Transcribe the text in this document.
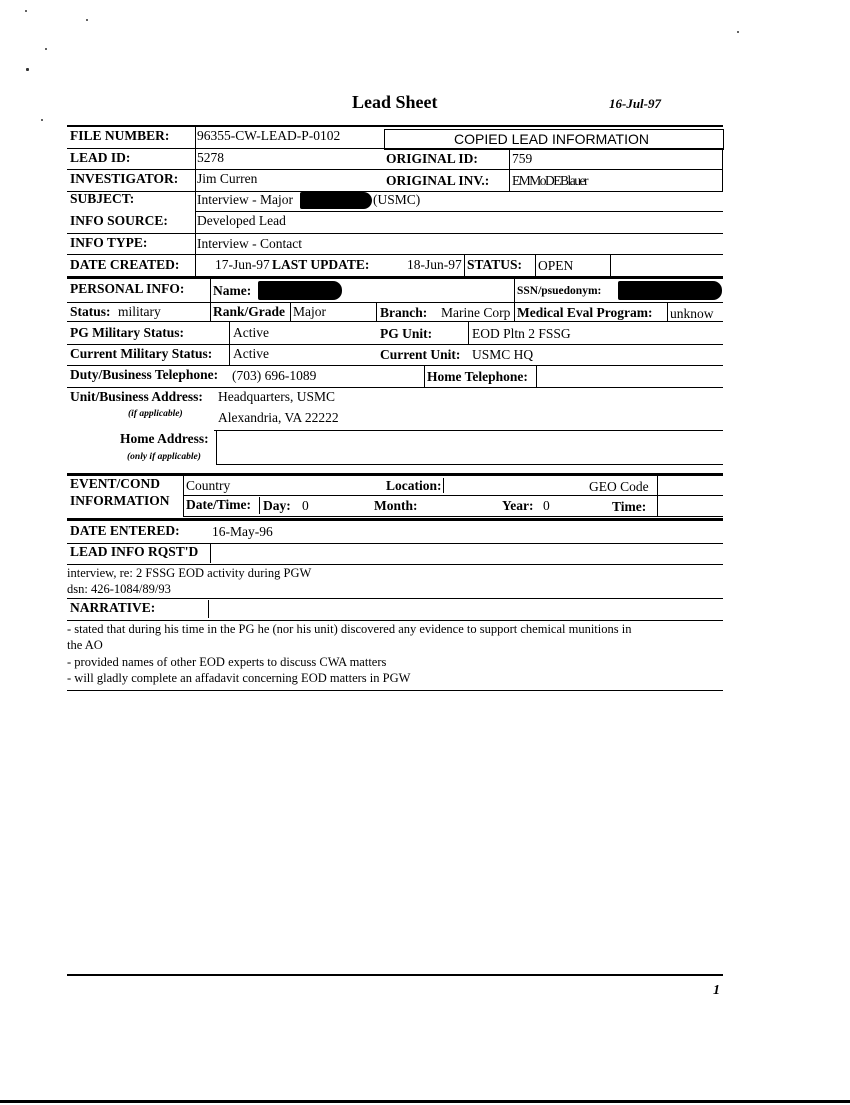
Lead Sheet	16-Jul-97
COPIED LEAD INFORMATION
FILE NUMBER: 96355-CW-LEAD-P-0102
LEAD ID:	5278	ORIGINAL ID:	759
INVESTIGATOR: Jim Curren	ORIGINAL INV.: EMMoDEBlauer
SUBJECT:	Interview - Major	(USMC)
INFO SOURCE: Developed Lead
INFO TYPE:	Interview - Contact
DATE CREATED:	17-Jun-97 LAST UPDATE:	18-Jun-97 STATUS: OPEN
PERSONAL INFO: Name:	SSN/psuedonym:
Status: military	Rank/Grade Major	Branch: Marine Corp Medical Eval Program: unknow
PG Military Status:	Active	PG Unit:	EOD Pltn 2 FSSG
Current Military Status: Active	Current Unit: USMC HQ
Duty/Business Telephone: (703) 696-1089	Home Telephone:
Unit/Business Address:
(if applicable)
Headquarters, USMC
Alexandria, VA 22222
Home Address:
(only if applicable)
EVENT/COND
INFORMATION
Country	Location:	GEO Code
Date/Time: Day: 0	Month:	Year: 0	Time:
DATE ENTERED: 16-May-96
LEAD INFO RQST'D
interview, re: 2 FSSG EOD activity during PGW
dsn: 426-1084/89/93
NARRATIVE:
- stated that during his time in the PG he (nor his unit) discovered any evidence to support chemical munitions in
the AO
- provided names of other EOD experts to discuss CWA matters
- will gladly complete an affadavit concerning EOD matters in PGW
1
